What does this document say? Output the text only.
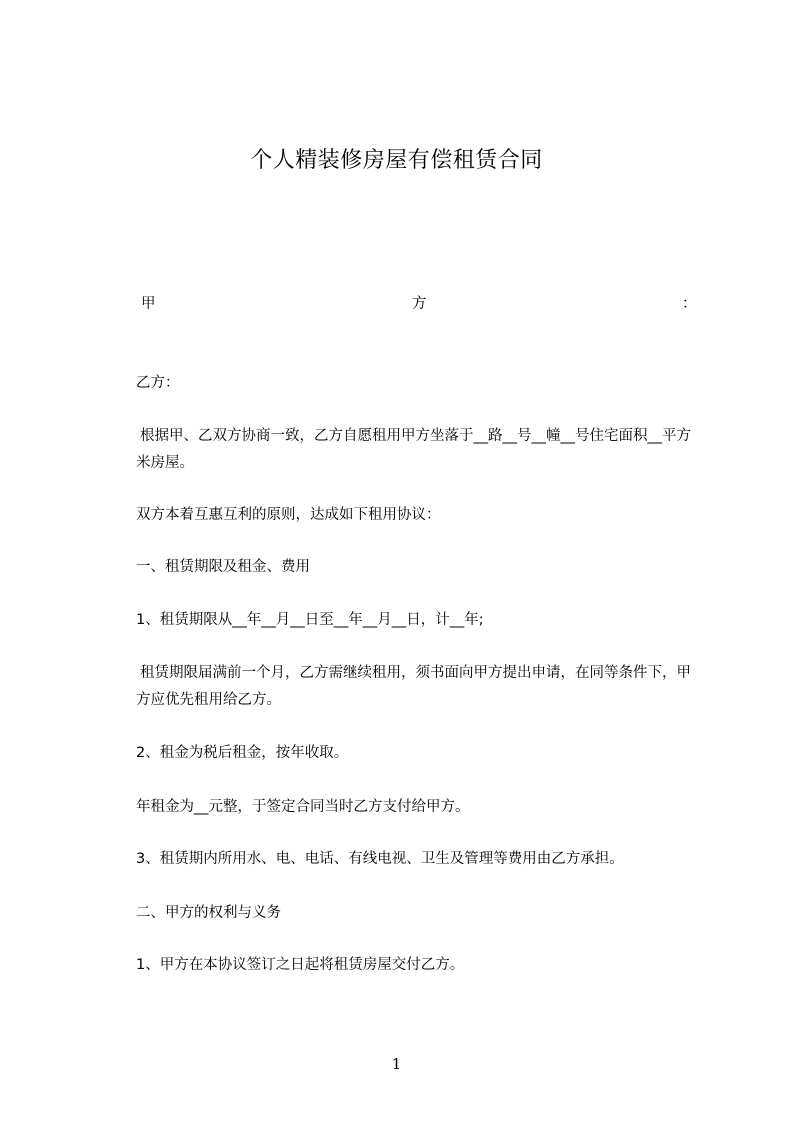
个人精装修房屋有偿租赁合同
甲	方	：
乙方：
根据甲、乙双方协商一致，乙方自愿租用甲方坐落于__路__号__幢__号住宅面积__平方米房屋。
双方本着互惠互利的原则，达成如下租用协议：
一、租赁期限及租金、费用
1、租赁期限从__年__月__日至__年__月__日，计__年;
租赁期限届满前一个月，乙方需继续租用，须书面向甲方提出申请，在同等条件下，甲方应优先租用给乙方。
2、租金为税后租金，按年收取。
年租金为__元整，于签定合同当时乙方支付给甲方。
3、租赁期内所用水、电、电话、有线电视、卫生及管理等费用由乙方承担。
二、甲方的权利与义务
1、甲方在本协议签订之日起将租赁房屋交付乙方。
1
